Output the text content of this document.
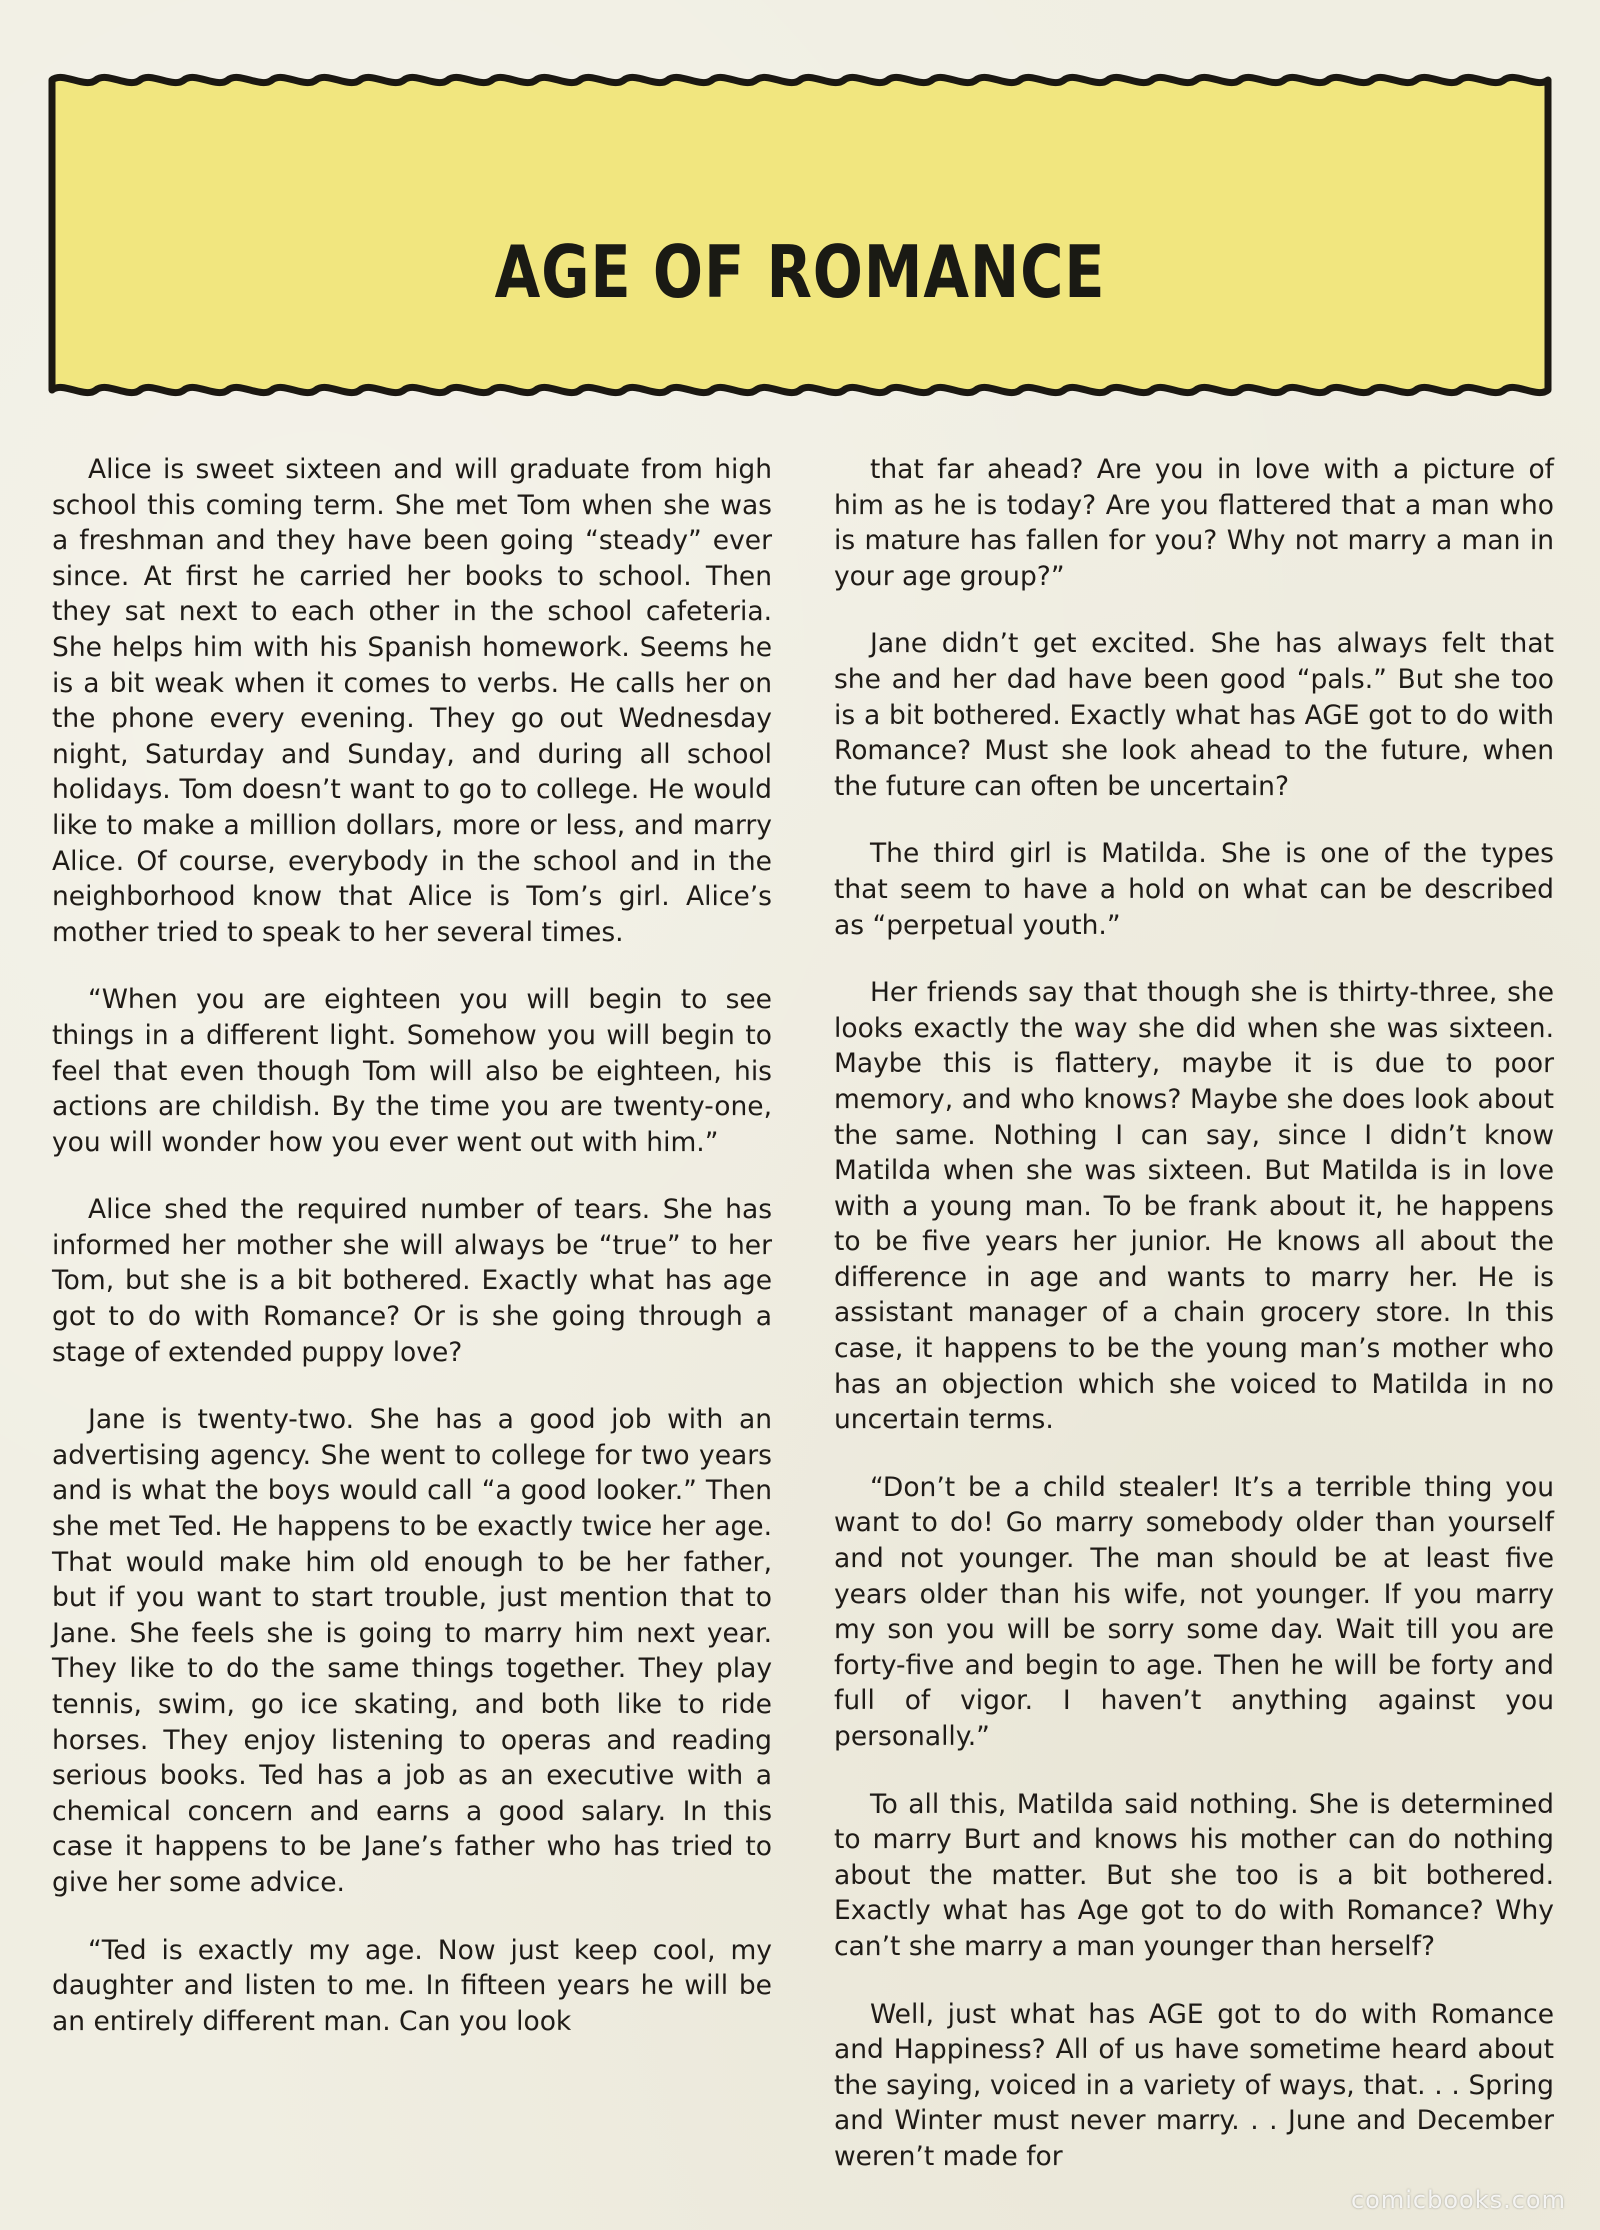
AGE OF ROMANCE

Alice is sweet sixteen and will graduate from high school this coming term. She met Tom when she was a freshman and they have been going “steady” ever since. At first he carried her books to school. Then they sat next to each other in the school cafeteria. She helps him with his Spanish homework. Seems he is a bit weak when it comes to verbs. He calls her on the phone every evening. They go out Wednesday night, Saturday and Sunday, and during all school holidays. Tom doesn’t want to go to college. He would like to make a million dollars, more or less, and marry Alice. Of course, everybody in the school and in the neighborhood know that Alice is Tom’s girl. Alice’s mother tried to speak to her several times.

“When you are eighteen you will begin to see things in a different light. Somehow you will begin to feel that even though Tom will also be eighteen, his actions are childish. By the time you are twenty-one, you will wonder how you ever went out with him.”

Alice shed the required number of tears. She has informed her mother she will always be “true” to her Tom, but she is a bit bothered. Exactly what has age got to do with Romance? Or is she going through a stage of extended puppy love?

Jane is twenty-two. She has a good job with an advertising agency. She went to college for two years and is what the boys would call “a good looker.” Then she met Ted. He happens to be exactly twice her age. That would make him old enough to be her father, but if you want to start trouble, just mention that to Jane. She feels she is going to marry him next year. They like to do the same things together. They play tennis, swim, go ice skating, and both like to ride horses. They enjoy listening to operas and reading serious books. Ted has a job as an executive with a chemical concern and earns a good salary. In this case it happens to be Jane’s father who has tried to give her some advice.

“Ted is exactly my age. Now just keep cool, my daughter and listen to me. In fifteen years he will be an entirely different man. Can you look

that far ahead? Are you in love with a picture of him as he is today? Are you flattered that a man who is mature has fallen for you? Why not marry a man in your age group?”

Jane didn’t get excited. She has always felt that she and her dad have been good “pals.” But she too is a bit bothered. Exactly what has AGE got to do with Romance? Must she look ahead to the future, when the future can often be uncertain?

The third girl is Matilda. She is one of the types that seem to have a hold on what can be described as “perpetual youth.”

Her friends say that though she is thirty-three, she looks exactly the way she did when she was sixteen. Maybe this is flattery, maybe it is due to poor memory, and who knows? Maybe she does look about the same. Nothing I can say, since I didn’t know Matilda when she was sixteen. But Matilda is in love with a young man. To be frank about it, he happens to be five years her junior. He knows all about the difference in age and wants to marry her. He is assistant manager of a chain grocery store. In this case, it happens to be the young man’s mother who has an objection which she voiced to Matilda in no uncertain terms.

“Don’t be a child stealer! It’s a terrible thing you want to do! Go marry somebody older than yourself and not younger. The man should be at least five years older than his wife, not younger. If you marry my son you will be sorry some day. Wait till you are forty-five and begin to age. Then he will be forty and full of vigor. I haven’t anything against you personally.”

To all this, Matilda said nothing. She is determined to marry Burt and knows his mother can do nothing about the matter. But she too is a bit bothered. Exactly what has Age got to do with Romance? Why can’t she marry a man younger than herself?

Well, just what has AGE got to do with Romance and Happiness? All of us have sometime heard about the saying, voiced in a variety of ways, that. . . Spring and Winter must never marry. . . June and December weren’t made for

comicbooks.com
